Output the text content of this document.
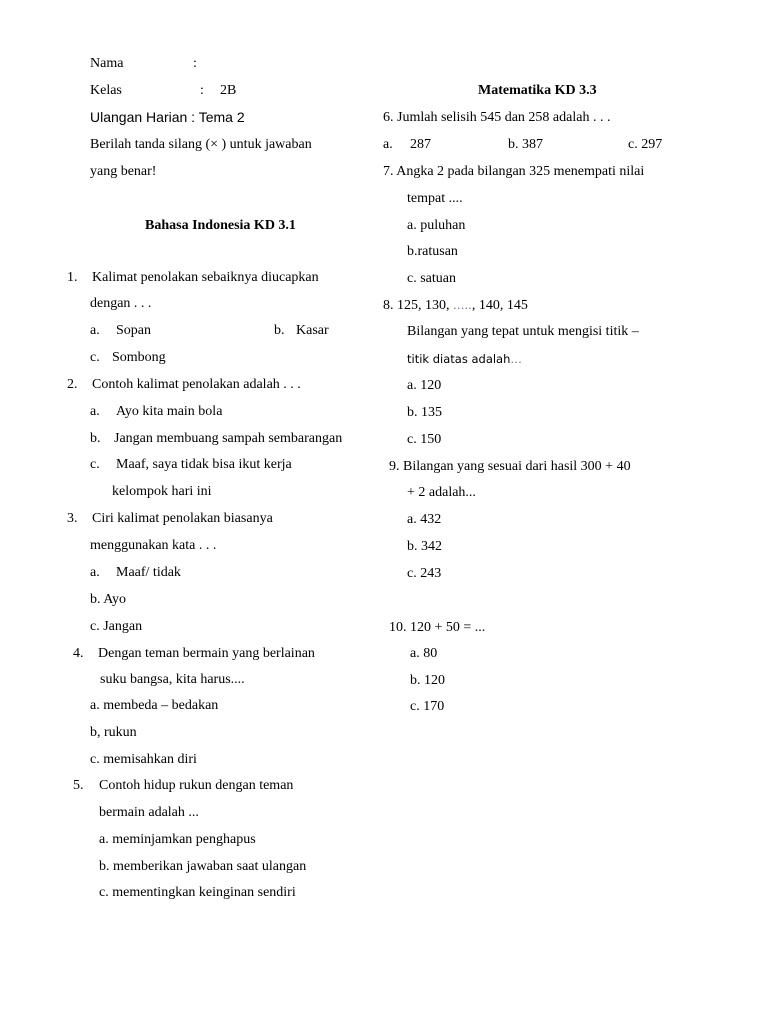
Nama	:
Kelas	: 2B
Ulangan Harian : Tema 2
Berilah tanda silang (× ) untuk jawaban
yang benar!
Bahasa Indonesia KD 3.1
1. Kalimat penolakan sebaiknya diucapkan
dengan . . .
a. Sopan	b. Kasar
c. Sombong
2. Contoh kalimat penolakan adalah . . .
a. Ayo kita main bola
b. Jangan membuang sampah sembarangan
c. Maaf, saya tidak bisa ikut kerja
kelompok hari ini
3. Ciri kalimat penolakan biasanya
menggunakan kata . . .
a. Maaf/ tidak
b. Ayo
c. Jangan
4. Dengan teman bermain yang berlainan
suku bangsa, kita harus....
a. membeda – bedakan
b, rukun
c. memisahkan diri
5. Contoh hidup rukun dengan teman
bermain adalah ...
a. meminjamkan penghapus
b. memberikan jawaban saat ulangan
c. mementingkan keinginan sendiri
Matematika KD 3.3
6. Jumlah selisih 545 dan 258 adalah . . .
a. 287	b. 387	c. 297
7. Angka 2 pada bilangan 325 menempati nilai
tempat ....
a. puluhan
b.ratusan
c. satuan
8. 125, 130, ….., 140, 145
Bilangan yang tepat untuk mengisi titik –
titik diatas adalah…
a. 120
b. 135
c. 150
9. Bilangan yang sesuai dari hasil 300 + 40
+ 2 adalah...
a. 432
b. 342
c. 243
10. 120 + 50 = ...
a. 80
b. 120
c. 170
